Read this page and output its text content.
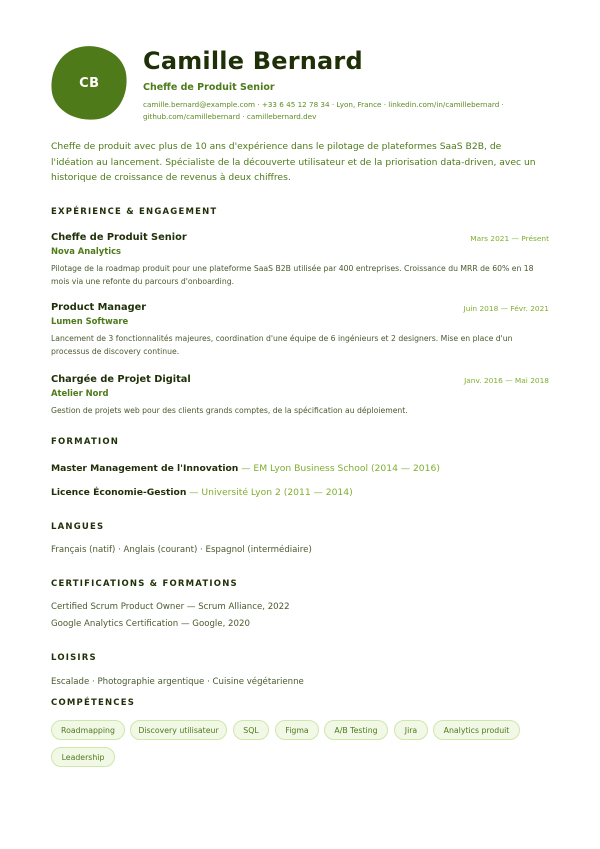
CB
Camille Bernard
Cheffe de Produit Senior
camille.bernard@example.com · +33 6 45 12 78 34 · Lyon, France · linkedin.com/in/camillebernard · github.com/camillebernard · camillebernard.dev
Cheffe de produit avec plus de 10 ans d'expérience dans le pilotage de plateformes SaaS B2B, de l'idéation au lancement. Spécialiste de la découverte utilisateur et de la priorisation data-driven, avec un historique de croissance de revenus à deux chiffres.
EXPÉRIENCE & ENGAGEMENT
Cheffe de Produit Senior	Mars 2021 — Présent
Nova Analytics
Pilotage de la roadmap produit pour une plateforme SaaS B2B utilisée par 400 entreprises. Croissance du MRR de 60% en 18 mois via une refonte du parcours d'onboarding.
Product Manager	Juin 2018 — Févr. 2021
Lumen Software
Lancement de 3 fonctionnalités majeures, coordination d'une équipe de 6 ingénieurs et 2 designers. Mise en place d'un processus de discovery continue.
Chargée de Projet Digital	Janv. 2016 — Mai 2018
Atelier Nord
Gestion de projets web pour des clients grands comptes, de la spécification au déploiement.
FORMATION
Master Management de l'Innovation — EM Lyon Business School (2014 — 2016)
Licence Économie-Gestion — Université Lyon 2 (2011 — 2014)
LANGUES
Français (natif) · Anglais (courant) · Espagnol (intermédiaire)
CERTIFICATIONS & FORMATIONS
Certified Scrum Product Owner — Scrum Alliance, 2022
Google Analytics Certification — Google, 2020
LOISIRS
Escalade · Photographie argentique · Cuisine végétarienne
COMPÉTENCES
Roadmapping	Discovery utilisateur	SQL	Figma	A/B Testing	Jira	Analytics produit
Leadership
